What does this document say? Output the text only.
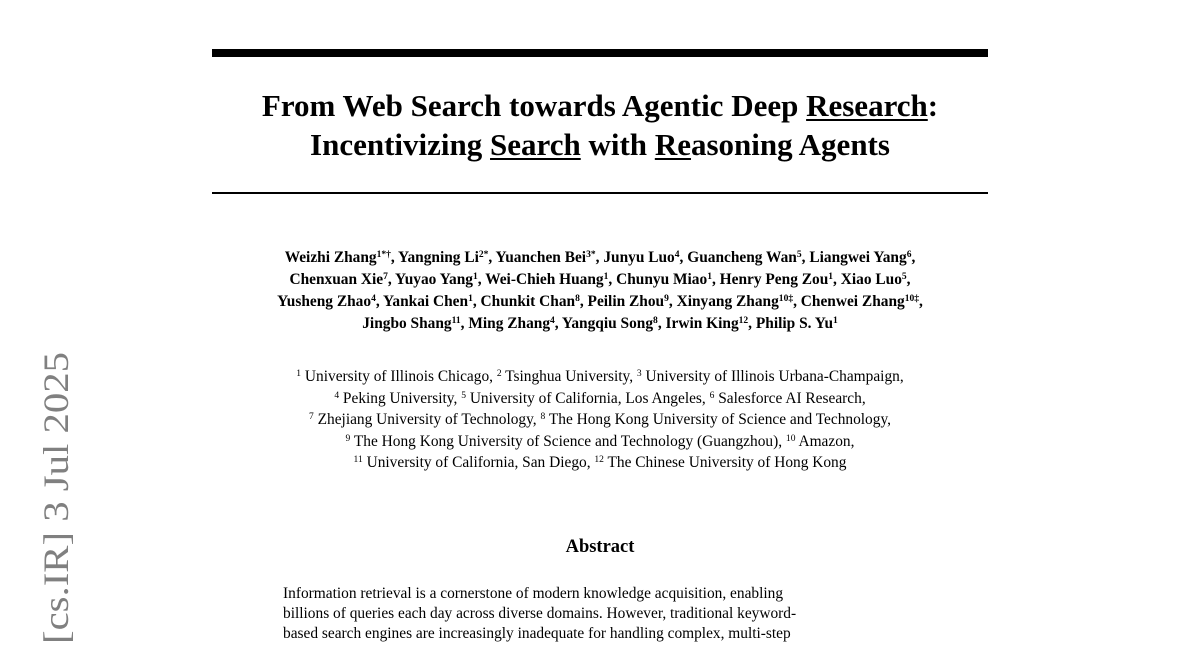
From Web Search towards Agentic Deep Research:
Incentivizing Search with Reasoning Agents
Weizhi Zhang$^{1*\dagger}$, Yangning $Li^{2*}$, Yuanchen Bei$^{3*}$, Junyu Luo$^4$, Guancheng Wan$^5$, Liangwei Yang$^6$,
Chenxuan Xie$^7$, Yuyao Yang$^1$, Wei-Chieh Huang$^1$, Chunyu Miao$^1$, Henry Peng Zou$^1$, Xiao Luo$^5$,
Yusheng Zhao$^4$, Yankai Chen$^1$, Chunkit Chan$^8$, Peilin Zhou$^9$, Xinyang Zhang$^{10\ddagger}$, Chenwei Zhang$^{10\ddagger}$,
Jingbo Shang$^{11}$, Ming Zhang$^4$, Yangqiu Song$^8$, Irwin King$^{12}$, Philip S. Yu$^1$
$^1$ University of Illinois Chicago, $^2$ Tsinghua University, $^3$ University of Illinois Urbana-Champaign,
$^4$ Peking University, $^5$ University of California, Los Angeles, $^6$ Salesforce AI Research,
$^7$ Zhejiang University of Technology, $^8$ The Hong Kong University of Science and Technology,
$^9$ The Hong Kong University of Science and Technology (Guangzhou), $^{10}$ Amazon,
$^{11}$ University of California, San Diego, $^{12}$ The Chinese University of Hong Kong
Abstract
Information retrieval is a cornerstone of modern knowledge acquisition, enabling
billions of queries each day across diverse domains. However, traditional keyword-
based search engines are increasingly inadequate for handling complex, multi-step
[cs.IR] 3 Jul 2025
